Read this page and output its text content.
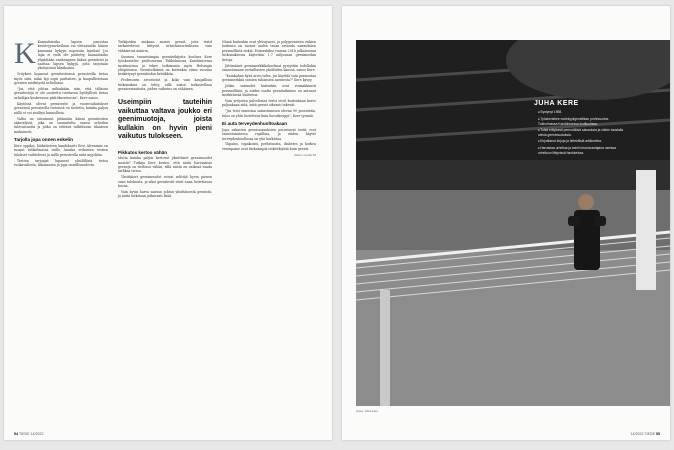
K Kannattaisiko lapsen panostaa kestävyysurheiluun vai viittaavatko hänen kantansa kykyyn nopeisiin lajeihin? Jos lajia ei vielä ole päätetty, kannattaako ylipäätään vanhempien hakea geenitesti ja saattaa lapsen kykyjä, joita tarjotaan yksityisissä klinikoissa.

Yritykset lupaavat geenitestiensä perusteella tietoa myös siitä, mikä laji sopii parhaiten, ja kaupallistetaan geenien merkitystä urheilussa.

"Jos, että johtaa mihinkään, niin, että tällaisia geenitestejä ei ole osoitettu tuottavan hyödyllistä tietoa urheilijaa koskevassa päätöksenteossa", Kere sanoo.

Käytössä olevat geenitestit ja vuorovaikutukset geeneissä perusteella testeissä on tuotettu, kuinka paljon niillä ei voi sisältyä kunnollista.

Valtio on sitoutunut pitämään kiinni geenitestien sääntelystä, joka on suunniteltu ennen urheilun tulevaisuutta ja jotka on tehtävä tutkittavan tilanteen mukaisesti.

Tarjolla jopa onnen enkelin

Kere oppilas, lääketieteen kandidaatti Eevi Alvenman on tuonut tutkielmassa esille, kuinka erilaisten testien tulokset vaihtelevat ja millä perusteella niitä myydään.

Testien tarjoajat lupaavat yksilöllistä tietoa ruokavaliosta, liikunnasta ja jopa onnellisuudesta.

Tutkijoiden mukaan monet geenit, joita testit tarkastelevat, liittyvät urheilusuoritukseen vain vähäisessä määrin.

Suomen tunnetuimpia geenitutkijoita kuuluva Kere työskentelee professorina Tukholmassa Karoliinisessa instituutissa ja tekee tutkimusta myös Helsingin yliopistossa. Geenitutkimus on kuitenkin viime vuosina keskittynyt geenitiedon kritiikkiin.

Professorin arvostetut ja koko vain kaupallisia tutkimuksia on tehty, sillä niissä tarkastellaan geenivariaatioita, joiden vaikutus on vähäinen.

Useimpiin tauteihin vaikuttaa valtava joukko eri geenimuotoja, joista kullakin on hyvin pieni vaikutus tulokseen.
Pikkutos kertoo vähän

Mutta kuinka paljon kertovat yksittäiset geenimuodot meistä? Tutkija Kere kertoo, että näitä harvinaisia geenejä on tiedossa vähän, sillä niistä on vaikeaa saada tarkkaa tietoa.

Yksittäiset geenimuodot voivat selittää hyvin pienen osan tuloksista, ja siksi geenitestit eivät anna luotettavaa kuvaa.

Vain hyvin harva sairaus johtuu yksittäisestä geenistä, ja näitä tutkitaan jatkuvasti lisää.

Nämä kuitenkin ovat yleistyneet, ja polygeenisten riskien laskenta on tuonut uuden tavan arvioida sairauksien perinnöllistä riskiä. Esimerkiksi vuonna 2018 julkaistussa tutkimuksessa käytettiin 1,7 miljoonan geenimerkin tietoja.

Jättimäiset geenimerkkikokoelmat pystyttiin todellakin ennustamaan vertailtavien yksilöiden kanssa, sanoo Kere.

"Kuinkahan hyvä arvio tulee, jos käyttää vain pariasataa geenimerkkiä satoien tuhansien asemesta?" Kere kysyy.

Jotkin sairaudet kuitenkin ovat voimakkaasti perinnöllisiä, ja niiden osalta geenitutkimus on antanut merkittävää lisätietoa.

Vain yritysten palvelemat testit eivät kuitenkaan kerro paljoakaan siitä, mitä geenit oikeasti tekevät.

"Jos testi ennustaa sairastumisen olevan 90 prosenttia, tulos on yhtä luotettava kuin horoskooppi", Kere tyrmää.

Ei auta terveydenhuoltoakaan

Jopa vakavien geenisairauksien perustuvat testit ovat ennustamisessa rajallisia, ja niiden käyttö terveydenhuollossa on yhä harkittua.

Ylipaino, tupakointi, perhetausta, diabetes ja korkea verenpaine ovat tärkeämpiä riskitekijöitä kuin geenit.

Jatkuu sivulla 56

54 TIEDE 14/2022
JUHA KERE
■ Syntynyt 1958.
■ Työskentelee molekyyligenetiikan professorina Tukholmassa Karoliinisessa instituutissa.
■ Tutkii erityisesti perinnöllisiä sairauksia ja niiden taustalla olevia geenimuutoksia.
■ Kirjoittanut kirjoja ja tieteellisiä artikkeleita.
■ Harrastaa urheilua ja toimii neuvonantajana useissa urheiluun liittyvissä hankkeissa.
Kuva: Juha Kere
14/2022 TIEDE 55
